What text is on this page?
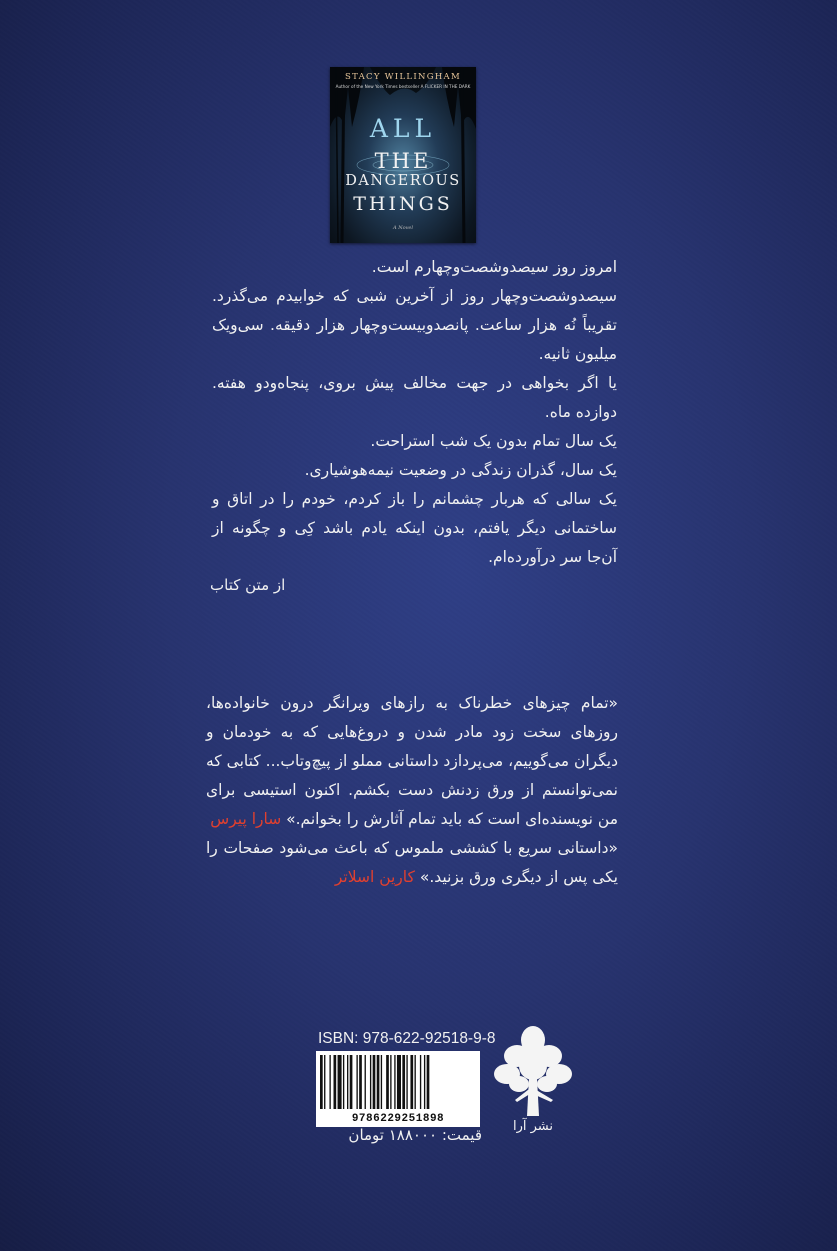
STACY WILLINGHAM
Author of the New York Times bestseller A FLICKER IN THE DARK
ALL
THE
DANGEROUS
THINGS
A Novel

امروز روز سیصدوشصت‌وچهارم است.

سیصدوشصت‌وچهار روز از آخرین شبی که خوابیدم می‌گذرد. تقریباً نُه هزار ساعت. پانصدوبیست‌وچهار هزار دقیقه. سی‌ویک میلیون ثانیه.

یا اگر بخواهی در جهت مخالف پیش بروی، پنجاه‌ودو هفته. دوازده ماه.

یک سال تمام بدون یک شب استراحت.

یک سال، گذران زندگی در وضعیت نیمه‌هوشیاری.

یک سالی که هربار چشمانم را باز کردم، خودم را در اتاق و ساختمانی دیگر یافتم، بدون اینکه یادم باشد کِی و چگونه از آن‌جا سر درآورده‌ام.

از متن کتاب

«تمام چیزهای خطرناک به رازهای ویرانگر درون خانواده‌ها، روزهای سخت زود مادر شدن و دروغ‌هایی که به خودمان و دیگران می‌گوییم، می‌پردازد داستانی مملو از پیچ‌وتاب... کتابی که نمی‌توانستم از ورق زدنش دست بکشم. اکنون استیسی برای من نویسنده‌ای است که باید تمام آثارش را بخوانم.» سارا پیرس

«داستانی سریع با کششی ملموس که باعث می‌شود صفحات را یکی پس از دیگری ورق بزنید.» کارین اسلاتر

ISBN: 978-622-92518-9-8
9786229251898
قیمت: ۱۸۸۰۰۰ تومان نشر آرا
